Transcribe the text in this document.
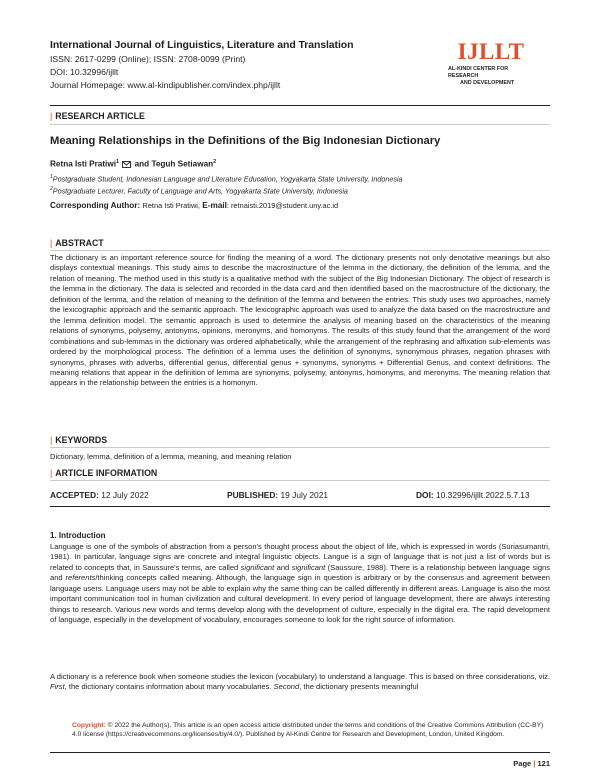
International Journal of Linguistics, Literature and Translation
ISSN: 2617-0299 (Online); ISSN: 2708-0099 (Print)
DOI: 10.32996/ijllt
Journal Homepage: www.al-kindipublisher.com/index.php/ijllt
IJLLT
AL-KINDI CENTER FOR RESEARCH
AND DEVELOPMENT
| RESEARCH ARTICLE
Meaning Relationships in the Definitions of the Big Indonesian Dictionary
Retna Isti Pratiwi$^1$  and Teguh Setiawan$^2$
$^1$Postgraduate Student, Indonesian Language and Literature Education, Yogyakarta State University, Indonesia
$^2$Postgraduate Lecturer, Faculty of Language and Arts, Yogyakarta State University, Indonesia
Corresponding Author: Retna Isti Pratiwi, E-mail: retnaisti.2019@student.uny.ac.id
| ABSTRACT
The dictionary is an important reference source for finding the meaning of a word. The dictionary presents not only denotative meanings but also displays contextual meanings. This study aims to describe the macrostructure of the lemma in the dictionary, the definition of the lemma, and the relation of meaning. The method used in this study is a qualitative method with the subject of the Big Indonesian Dictionary. The object of research is the lemma in the dictionary. The data is selected and recorded in the data card and then identified based on the macrostructure of the dictionary, the definition of the lemma, and the relation of meaning to the definition of the lemma and between the entries. This study uses two approaches, namely the lexicographic approach and the semantic approach. The lexicographic approach was used to analyze the data based on the macrostructure and the lemma definition model. The semantic approach is used to determine the analysis of meaning based on the characteristics of the meaning relations of synonyms, polysemy, antonyms, opinions, meronyms, and homonyms. The results of this study found that the arrangement of the word combinations and sub-lemmas in the dictionary was ordered alphabetically, while the arrangement of the rephrasing and affixation sub-elements was ordered by the morphological process. The definition of a lemma uses the definition of synonyms, synonymous phrases, negation phrases with synonyms, phrases with adverbs, differential genus, differential genus + synonyms, synonyms + Differential Genus, and context definitions. The meaning relations that appear in the definition of lemma are synonyms, polysemy, antonyms, homonyms, and meronyms. The meaning relation that appears in the relationship between the entries is a homonym.
| KEYWORDS
Dictionary, lemma, definition of a lemma, meaning, and meaning relation
| ARTICLE INFORMATION
ACCEPTED: 12 July 2022	PUBLISHED: 19 July 2021	DOI: 10.32996/ijllt.2022.5.7.13
1. Introduction
Language is one of the symbols of abstraction from a person's thought process about the object of life, which is expressed in words (Suriasumantri, 1981). In particular, language signs are concrete and integral linguistic objects. Langue is a sign of language that is not just a list of words but is related to concepts that, in Saussure's terms, are called significant and significant (Saussure, 1988). There is a relationship between language signs and referents/thinking concepts called meaning. Although, the language sign in question is arbitrary or by the consensus and agreement between language users. Language users may not be able to explain why the same thing can be called differently in different areas. Language is also the most important communication tool in human civilization and cultural development. In every period of language development, there are always interesting things to research. Various new words and terms develop along with the development of culture, especially in the digital era. The rapid development of language, especially in the development of vocabulary, encourages someone to look for the right source of information.
A dictionary is a reference book when someone studies the lexicon (vocabulary) to understand a language. This is based on three considerations, viz. First, the dictionary contains information about many vocabularies. Second, the dictionary presents meaningful
Copyright: © 2022 the Author(s). This article is an open access article distributed under the terms and conditions of the Creative Commons Attribution (CC-BY) 4.0 license (https://creativecommons.org/licenses/by/4.0/). Published by Al-Kindi Centre for Research and Development, London, United Kingdom.
Page | 121
